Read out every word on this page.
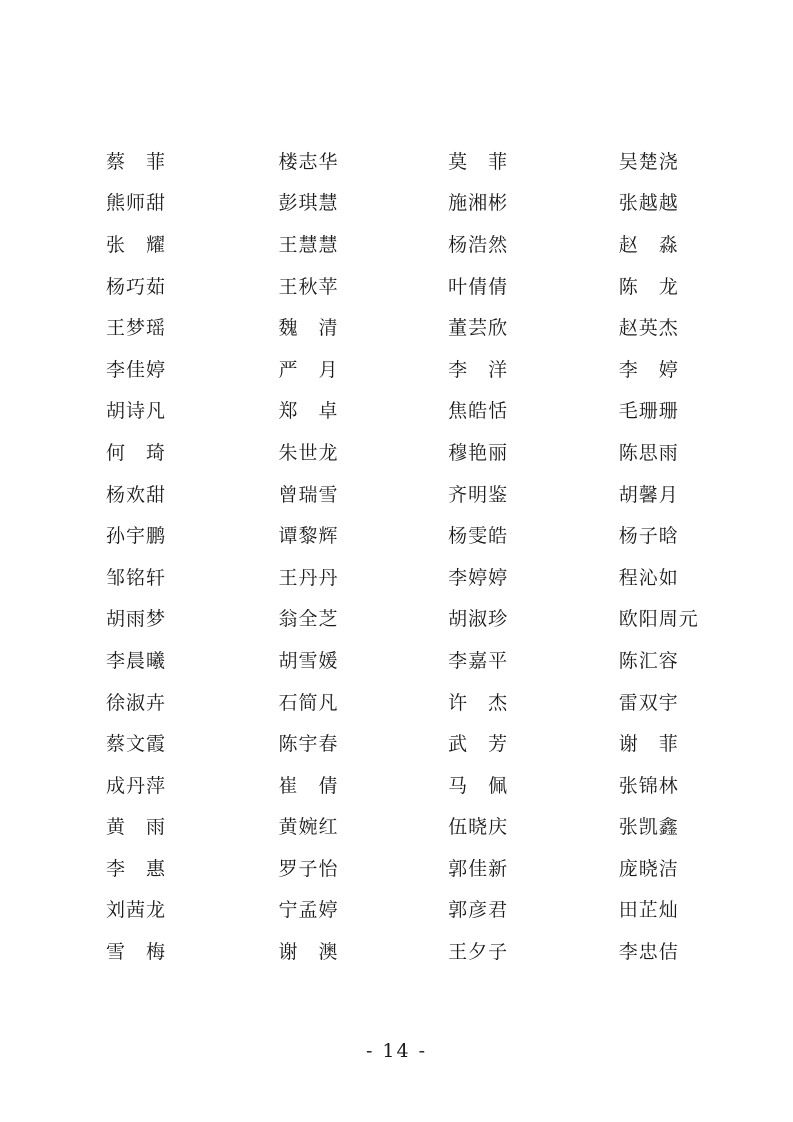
蔡　菲	楼志华	莫　菲	吴楚浇
熊师甜	彭琪慧	施湘彬	张越越
张　耀	王慧慧	杨浩然	赵　淼
杨巧茹	王秋苹	叶倩倩	陈　龙
王梦瑶	魏　清	董芸欣	赵英杰
李佳婷	严　月	李　洋	李　婷
胡诗凡	郑　卓	焦皓恬	毛珊珊
何　琦	朱世龙	穆艳丽	陈思雨
杨欢甜	曾瑞雪	齐明鉴	胡馨月
孙宇鹏	谭黎辉	杨雯皓	杨子晗
邹铭轩	王丹丹	李婷婷	程沁如
胡雨梦	翁全芝	胡淑珍	欧阳周元
李晨曦	胡雪媛	李嘉平	陈汇容
徐淑卉	石简凡	许　杰	雷双宇
蔡文霞	陈宇春	武　芳	谢　菲
成丹萍	崔　倩	马　佩	张锦林
黄　雨	黄婉红	伍晓庆	张凯鑫
李　惠	罗子怡	郭佳新	庞晓洁
刘茜龙	宁孟婷	郭彦君	田芷灿
雪　梅	谢　澳	王夕子	李忠佶
- 14 -
